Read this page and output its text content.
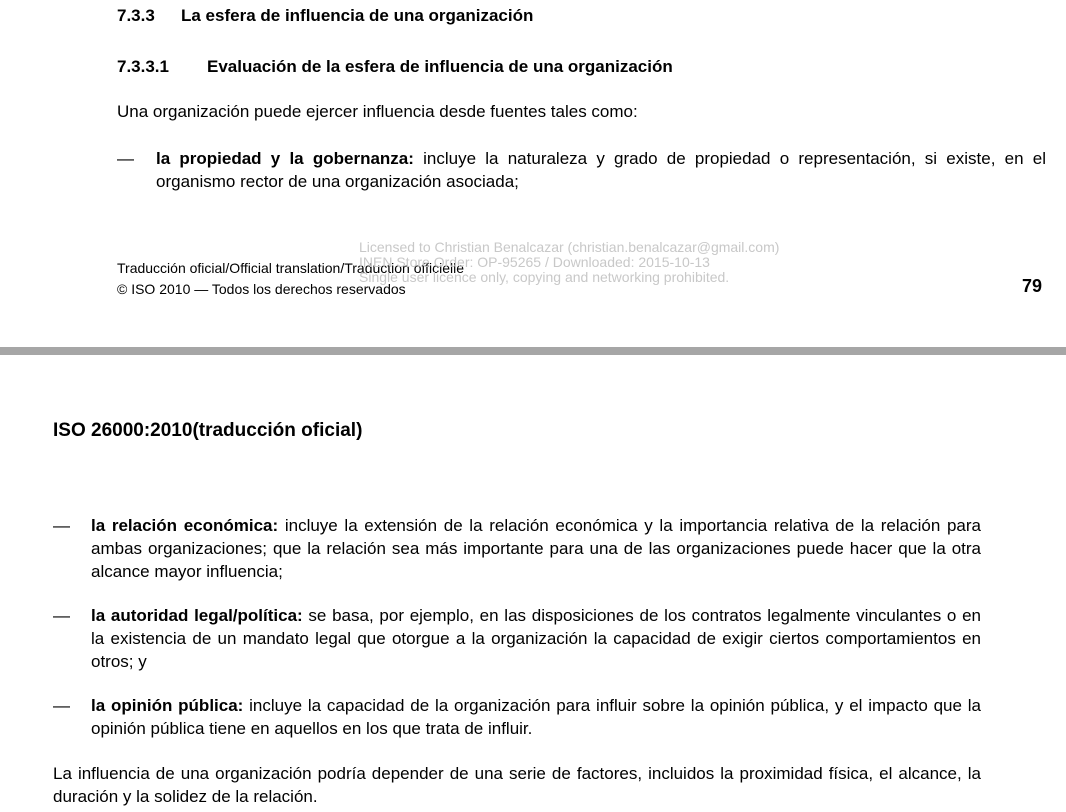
7.3.3 La esfera de influencia de una organización
7.3.3.1 Evaluación de la esfera de influencia de una organización
Una organización puede ejercer influencia desde fuentes tales como:
— la propiedad y la gobernanza: incluye la naturaleza y grado de propiedad o representación, si existe, en el organismo rector de una organización asociada;
Traducción oficial/Official translation/Traduction officielle
© ISO 2010 — Todos los derechos reservados	79
Licensed to Christian Benalcazar (christian.benalcazar@gmail.com)
INEN Store Order: OP-95265 / Downloaded: 2015-10-13
Single user licence only, copying and networking prohibited.
ISO 26000:2010(traducción oficial)
— la relación económica: incluye la extensión de la relación económica y la importancia relativa de la relación para ambas organizaciones; que la relación sea más importante para una de las organizaciones puede hacer que la otra alcance mayor influencia;
— la autoridad legal/política: se basa, por ejemplo, en las disposiciones de los contratos legalmente vinculantes o en la existencia de un mandato legal que otorgue a la organización la capacidad de exigir ciertos comportamientos en otros; y
— la opinión pública: incluye la capacidad de la organización para influir sobre la opinión pública, y el impacto que la opinión pública tiene en aquellos en los que trata de influir.
La influencia de una organización podría depender de una serie de factores, incluidos la proximidad física, el alcance, la duración y la solidez de la relación.
